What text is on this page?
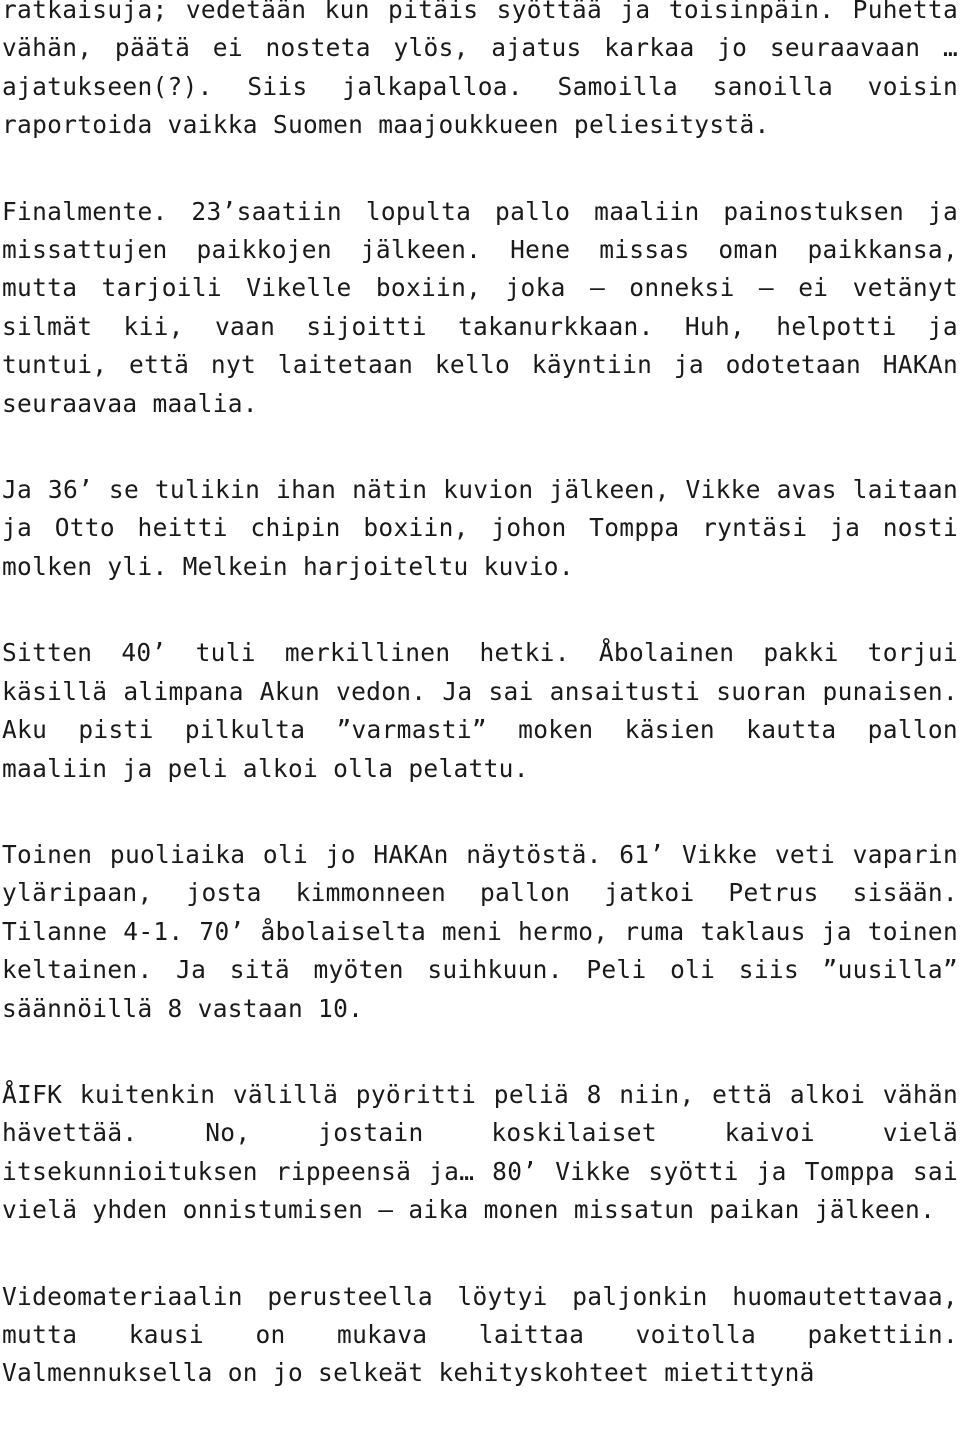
ratkaisuja; vedetään kun pitäis syöttää ja toisinpäin. Puhetta vähän, päätä ei nosteta ylös, ajatus karkaa jo seuraavaan …ajatukseen(?). Siis jalkapalloa. Samoilla sanoilla voisin raportoida vaikka Suomen maajoukkueen peliesitystä.

Finalmente. 23’saatiin lopulta pallo maaliin painostuksen ja missattujen paikkojen jälkeen. Hene missas oman paikkansa, mutta tarjoili Vikelle boxiin, joka – onneksi – ei vetänyt silmät kii, vaan sijoitti takanurkkaan. Huh, helpotti ja tuntui, että nyt laitetaan kello käyntiin ja odotetaan HAKAn seuraavaa maalia.

Ja 36’ se tulikin ihan nätin kuvion jälkeen, Vikke avas laitaan ja Otto heitti chipin boxiin, johon Tomppa ryntäsi ja nosti molken yli. Melkein harjoiteltu kuvio.

Sitten 40’ tuli merkillinen hetki. Åbolainen pakki torjui käsillä alimpana Akun vedon. Ja sai ansaitusti suoran punaisen. Aku pisti pilkulta ”varmasti” moken käsien kautta pallon maaliin ja peli alkoi olla pelattu.

Toinen puoliaika oli jo HAKAn näytöstä. 61’ Vikke veti vaparin yläripaan, josta kimmonneen pallon jatkoi Petrus sisään. Tilanne 4-1. 70’ åbolaiselta meni hermo, ruma taklaus ja toinen keltainen. Ja sitä myöten suihkuun. Peli oli siis ”uusilla” säännöillä 8 vastaan 10.

ÅIFK kuitenkin välillä pyöritti peliä 8 niin, että alkoi vähän hävettää. No, jostain koskilaiset kaivoi vielä itsekunnioituksen rippeensä ja… 80’ Vikke syötti ja Tomppa sai vielä yhden onnistumisen – aika monen missatun paikan jälkeen.

Videomateriaalin perusteella löytyi paljonkin huomautettavaa, mutta kausi on mukava laittaa voitolla pakettiin. Valmennuksella on jo selkeät kehityskohteet mietittynä
